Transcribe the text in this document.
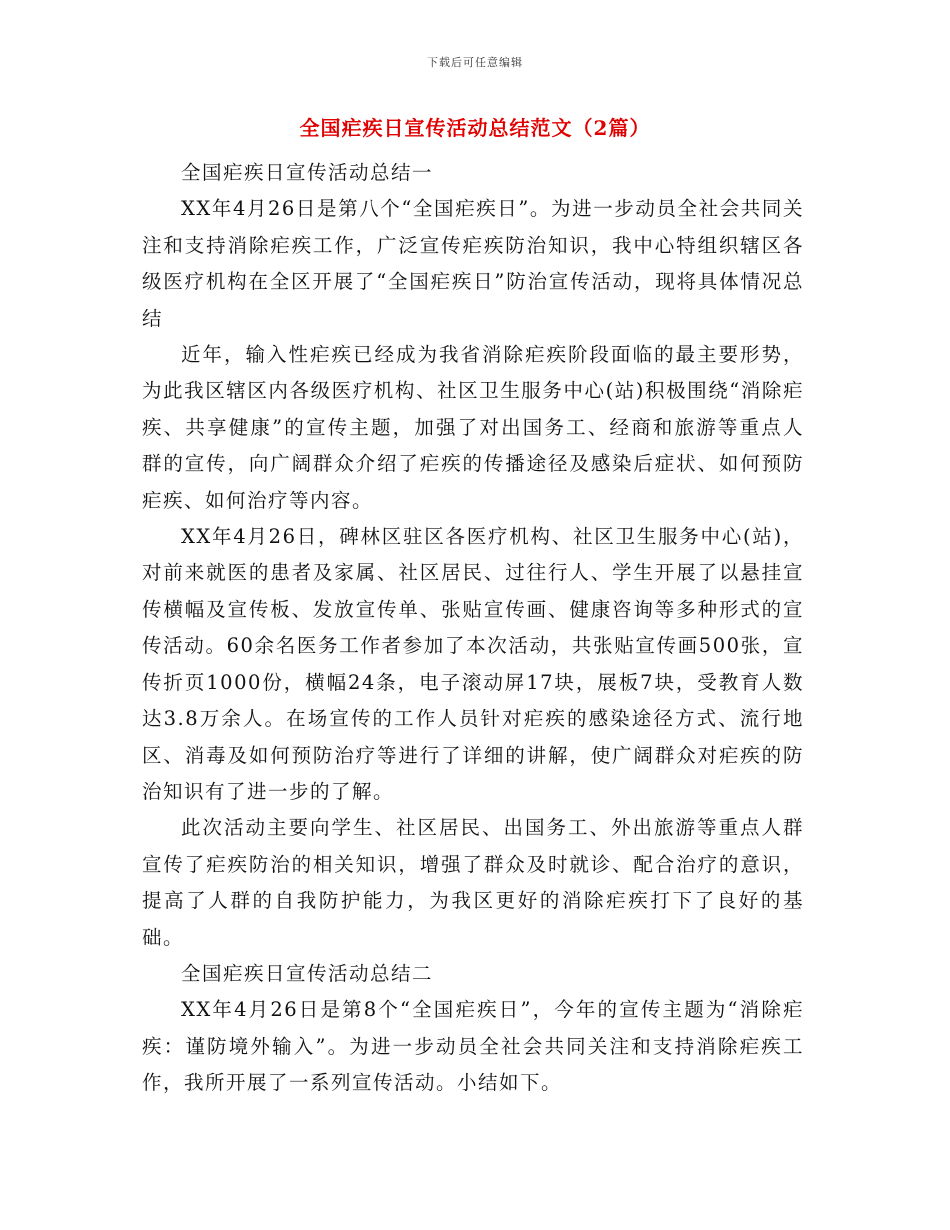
下载后可任意编辑
全国疟疾日宣传活动总结范文（2篇）

全国疟疾日宣传活动总结一

XX年4月26日是第八个“全国疟疾日”。为进一步动员全社会共同关注和支持消除疟疾工作，广泛宣传疟疾防治知识，我中心特组织辖区各级医疗机构在全区开展了“全国疟疾日”防治宣传活动，现将具体情况总结

近年，输入性疟疾已经成为我省消除疟疾阶段面临的最主要形势，为此我区辖区内各级医疗机构、社区卫生服务中心(站)积极围绕“消除疟疾、共享健康”的宣传主题，加强了对出国务工、经商和旅游等重点人群的宣传，向广阔群众介绍了疟疾的传播途径及感染后症状、如何预防疟疾、如何治疗等内容。

XX年4月26日，碑林区驻区各医疗机构、社区卫生服务中心(站)，对前来就医的患者及家属、社区居民、过往行人、学生开展了以悬挂宣传横幅及宣传板、发放宣传单、张贴宣传画、健康咨询等多种形式的宣传活动。60余名医务工作者参加了本次活动，共张贴宣传画500张，宣传折页1000份，横幅24条，电子滚动屏17块，展板7块，受教育人数达3.8万余人。在场宣传的工作人员针对疟疾的感染途径方式、流行地区、消毒及如何预防治疗等进行了详细的讲解，使广阔群众对疟疾的防治知识有了进一步的了解。

此次活动主要向学生、社区居民、出国务工、外出旅游等重点人群宣传了疟疾防治的相关知识，增强了群众及时就诊、配合治疗的意识，提高了人群的自我防护能力，为我区更好的消除疟疾打下了良好的基础。

全国疟疾日宣传活动总结二

XX年4月26日是第8个“全国疟疾日”，今年的宣传主题为“消除疟疾：谨防境外输入”。为进一步动员全社会共同关注和支持消除疟疾工作，我所开展了一系列宣传活动。小结如下。
